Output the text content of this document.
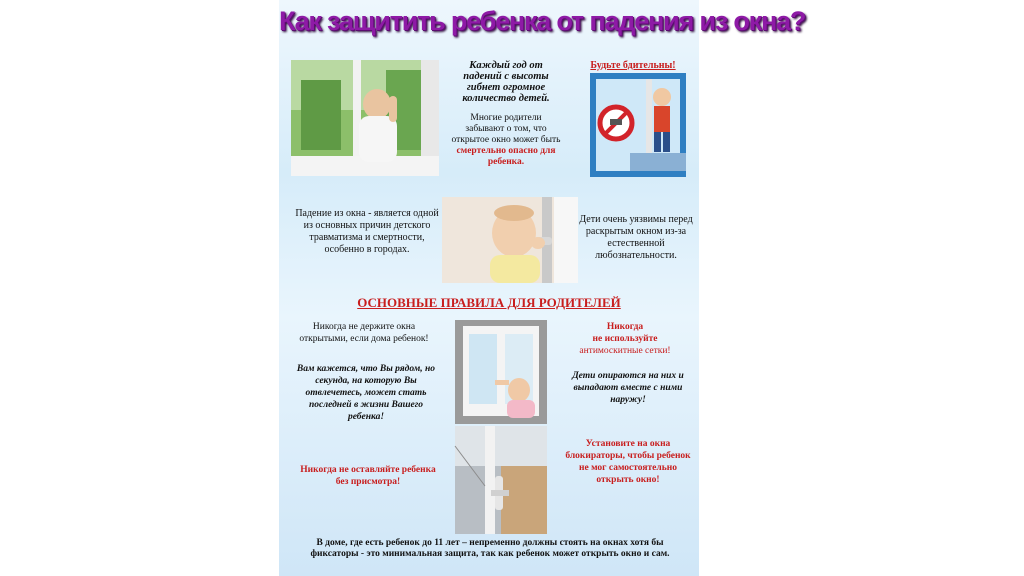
Как защитить ребенка от падения из окна?
Каждый год от падений с высоты гибнет огромное количество детей.
Будьте бдительны!
Многие родители забывают о том, что открытое окно может быть
смертельно опасно для ребенка.
Падение из окна - является одной из основных причин детского травматизма и смертности, особенно в городах.
Дети очень уязвимы перед раскрытым окном из-за естественной любознательности.
ОСНОВНЫЕ ПРАВИЛА ДЛЯ РОДИТЕЛЕЙ
Никогда не держите окна открытыми, если дома ребенок!
Вам кажется, что Вы рядом, но секунда, на которую Вы отвлечетесь, может стать последней в жизни Вашего ребенка!
Никогда не оставляйте ребенка без присмотра!
Никогда
не используйте
антимоскитные сетки!
Дети опираются на них и выпадают вместе с ними наружу!
Установите на окна блокираторы, чтобы ребенок не мог самостоятельно открыть окно!
В доме, где есть ребенок до 11 лет – непременно должны стоять на окнах хотя бы фиксаторы - это минимальная защита, так как ребенок может открыть окно и сам.
